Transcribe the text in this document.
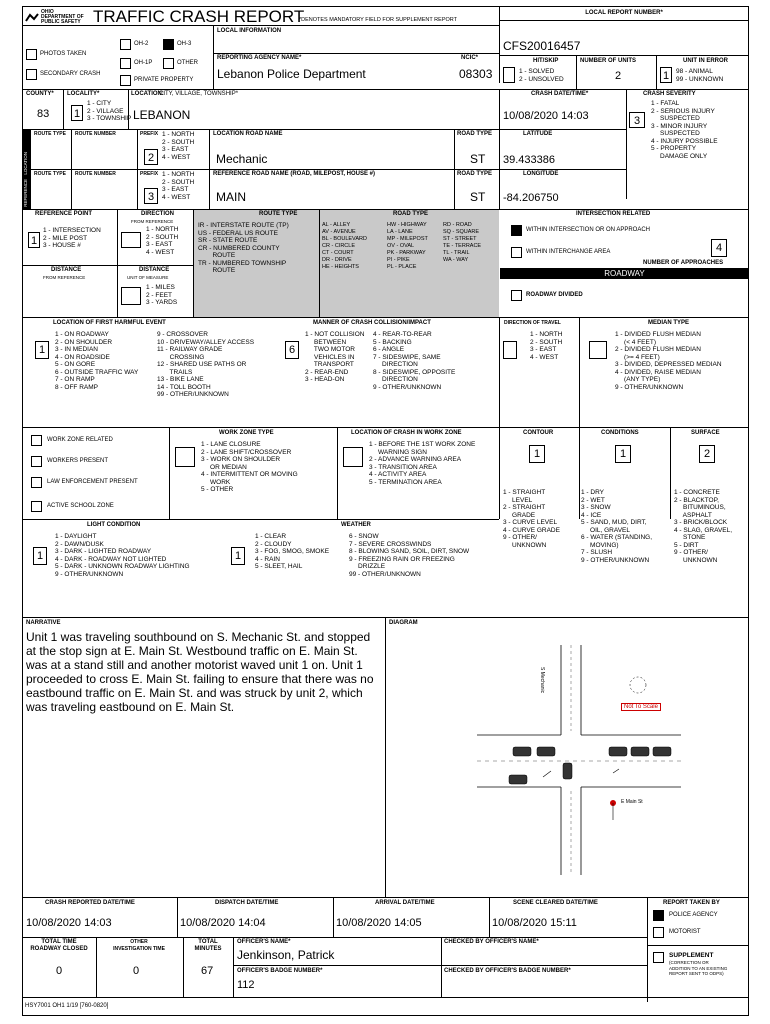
OHIO DEPARTMENT OF PUBLIC SAFETY TRAFFIC CRASH REPORT
*DENOTES MANDATORY FIELD FOR SUPPLEMENT REPORT
LOCAL REPORT NUMBER*
CFS20016457
PHOTOS TAKEN
OH-2	OH-3
OH-1P	OTHER
SECONDARY CRASH
PRIVATE PROPERTY
LOCAL INFORMATION
REPORTING AGENCY NAME*	NCIC*
Lebanon Police Department	08303
HIT/SKIP
1 - SOLVED
2 - UNSOLVED
NUMBER OF UNITS
2
UNIT IN ERROR
1	98 - ANIMAL
99 - UNKNOWN
COUNTY*
83
LOCALITY*
1
1 - CITY
2 - VILLAGE
3 - TOWNSHIP
LOCATION:
CITY, VILLAGE, TOWNSHIP*
LEBANON
CRASH DATE/TIME*
10/08/2020 14:03
CRASH SEVERITY
3
1 - FATAL
2 - SERIOUS INJURY
SUSPECTED
3 - MINOR INJURY
SUSPECTED
4 - INJURY POSSIBLE
5 - PROPERTY
DAMAGE ONLY
LOCATION
REFERENCE
ROUTE TYPE ROUTE NUMBER	PREFIX 1 - NORTH
2 - SOUTH
3 - EAST
4 - WEST
2
LOCATION ROAD NAME
Mechanic
ROAD TYPE
ST
LATITUDE
39.433386
ROUTE TYPE ROUTE NUMBER	PREFIX 1 - NORTH
2 - SOUTH
3 - EAST
4 - WEST
3
REFERENCE ROAD NAME (ROAD, MILEPOST, HOUSE #)	ROAD TYPE
MAIN	ST
LONGITUDE
-84.206750
REFERENCE POINT
1
1 - INTERSECTION
2 - MILE POST
3 - HOUSE #
DIRECTION
FROM REFERENCE
1 - NORTH
2 - SOUTH
3 - EAST
4 - WEST
DISTANCE
FROM REFERENCE
DISTANCE
UNIT OF MEASURE
1 - MILES
2 - FEET
3 - YARDS
ROUTE TYPE
IR - INTERSTATE ROUTE (TP)
US - FEDERAL US ROUTE
SR - STATE ROUTE
CR - NUMBERED COUNTY
ROUTE
TR - NUMBERED TOWNSHIP
ROUTE
ROAD TYPE
AL - ALLEY
AV - AVENUE
BL - BOULEVARD
CR - CIRCLE
CT - COURT
DR - DRIVE
HE - HEIGHTS
HW - HIGHWAY
LA - LANE
MP - MILEPOST
OV - OVAL
PK - PARKWAY
PI - PIKE
PL - PLACE
RD - ROAD
SQ - SQUARE
ST - STREET
TE - TERRACE
TL - TRAIL
WA - WAY
INTERSECTION RELATED
WITHIN INTERSECTION OR ON APPROACH
WITHIN INTERCHANGE AREA	4
NUMBER OF APPROACHES
ROADWAY
ROADWAY DIVIDED
LOCATION OF FIRST HARMFUL EVENT
1
1 - ON ROADWAY
2 - ON SHOULDER
3 - IN MEDIAN
4 - ON ROADSIDE
5 - ON GORE
6 - OUTSIDE TRAFFIC WAY
7 - ON RAMP
8 - OFF RAMP
9 - CROSSOVER
10 - DRIVEWAY/ALLEY ACCESS
11 - RAILWAY GRADE
CROSSING
12 - SHARED USE PATHS OR
TRAILS
13 - BIKE LANE
14 - TOLL BOOTH
99 - OTHER/UNKNOWN
MANNER OF CRASH COLLISION/IMPACT
6
1 - NOT COLLISION
BETWEEN
TWO MOTOR
VEHICLES IN
TRANSPORT
2 - REAR-END
3 - HEAD-ON
4 - REAR-TO-REAR
5 - BACKING
6 - ANGLE
7 - SIDESWIPE, SAME
DIRECTION
8 - SIDESWIPE, OPPOSITE
DIRECTION
9 - OTHER/UNKNOWN
DIRECTION OF TRAVEL
1 - NORTH
2 - SOUTH
3 - EAST
4 - WEST
MEDIAN TYPE
1 - DIVIDED FLUSH MEDIAN
(< 4 FEET)
2 - DIVIDED FLUSH MEDIAN
(>= 4 FEET)
3 - DIVIDED, DEPRESSED MEDIAN
4 - DIVIDED, RAISE MEDIAN
(ANY TYPE)
9 - OTHER/UNKNOWN
WORK ZONE RELATED
WORKERS PRESENT
LAW ENFORCEMENT PRESENT
ACTIVE SCHOOL ZONE
WORK ZONE TYPE
1 - LANE CLOSURE
2 - LANE SHIFT/CROSSOVER
3 - WORK ON SHOULDER
OR MEDIAN
4 - INTERMITTENT OR MOVING
WORK
5 - OTHER
LOCATION OF CRASH IN WORK ZONE
1 - BEFORE THE 1ST WORK ZONE
WARNING SIGN
2 - ADVANCE WARNING AREA
3 - TRANSITION AREA
4 - ACTIVITY AREA
5 - TERMINATION AREA
CONTOUR
1
1 - STRAIGHT
LEVEL
2 - STRAIGHT
GRADE
3 - CURVE LEVEL
4 - CURVE GRADE
9 - OTHER/
UNKNOWN
CONDITIONS
1
1 - DRY
2 - WET
3 - SNOW
4 - ICE
5 - SAND, MUD, DIRT,
OIL, GRAVEL
6 - WATER (STANDING,
MOVING)
7 - SLUSH
9 - OTHER/UNKNOWN
SURFACE
2
1 - CONCRETE
2 - BLACKTOP,
BITUMINOUS,
ASPHALT
3 - BRICK/BLOCK
4 - SLAG, GRAVEL,
STONE
5 - DIRT
9 - OTHER/
UNKNOWN
LIGHT CONDITION
1
1 - DAYLIGHT
2 - DAWN/DUSK
3 - DARK - LIGHTED ROADWAY
4 - DARK - ROADWAY NOT LIGHTED
5 - DARK - UNKNOWN ROADWAY LIGHTING
9 - OTHER/UNKNOWN
WEATHER
1
1 - CLEAR
2 - CLOUDY
3 - FOG, SMOG, SMOKE
4 - RAIN
5 - SLEET, HAIL
6 - SNOW
7 - SEVERE CROSSWINDS
8 - BLOWING SAND, SOIL, DIRT, SNOW
9 - FREEZING RAIN OR FREEZING
DRIZZLE
99 - OTHER/UNKNOWN
NARRATIVE
Unit 1 was traveling southbound on S. Mechanic St. and stopped at the stop sign at E. Main St. Westbound traffic on E. Main St. was at a stand still and another motorist waved unit 1 on. Unit 1 proceeded to cross E. Main St. failing to ensure that there was no eastbound traffic on E. Main St. and was struck by unit 2, which was traveling eastbound on E. Main St.
DIAGRAM
S Mechanic
Not To Scale
E Main St
CRASH REPORTED DATE/TIME
10/08/2020 14:03
DISPATCH DATE/TIME
10/08/2020 14:04
ARRIVAL DATE/TIME
10/08/2020 14:05
SCENE CLEARED DATE/TIME
10/08/2020 15:11
REPORT TAKEN BY
POLICE AGENCY
MOTORIST
TOTAL TIME
ROADWAY CLOSED
0
OTHER
INVESTIGATION TIME
0
TOTAL
MINUTES
67
OFFICER'S NAME*
Jenkinson, Patrick
CHECKED BY OFFICER'S NAME*
OFFICER'S BADGE NUMBER*
112
CHECKED BY OFFICER'S BADGE NUMBER*
SUPPLEMENT
(CORRECTION OR
ADDITION TO AN EXISTING
REPORT SENT TO ODPS)
HSY7001 OH1 1/19 [760-0820]
